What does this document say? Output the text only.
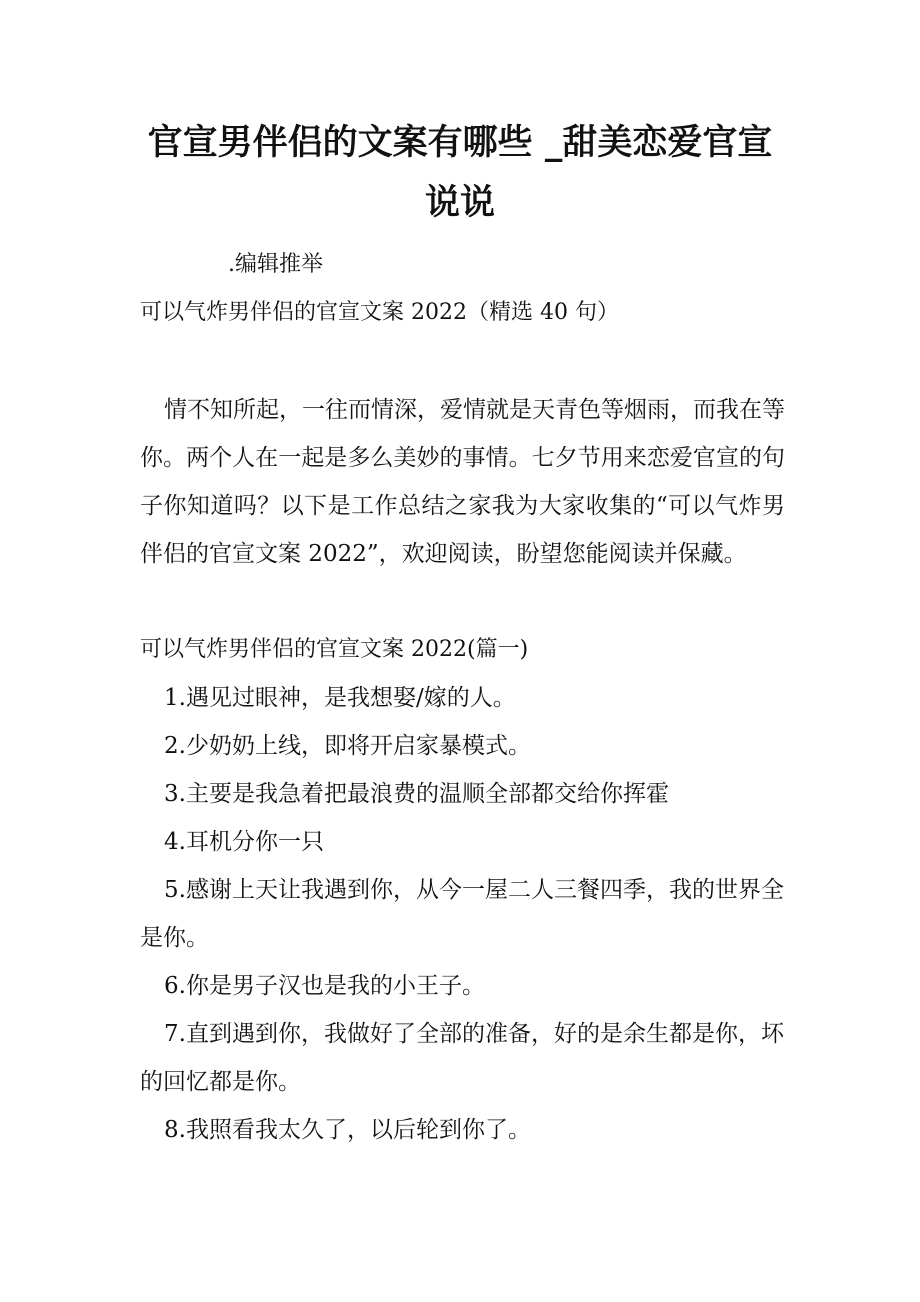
官宣男伴侣的文案有哪些 _甜美恋爱官宣
说说
.编辑推举
可以气炸男伴侣的官宣文案 2022（精选 40 句）
情不知所起，一往而情深，爱情就是天青色等烟雨，而我在等你。两个人在一起是多么美妙的事情。七夕节用来恋爱官宣的句子你知道吗？以下是工作总结之家我为大家收集的“可以气炸男伴侣的官宣文案 2022”，欢迎阅读，盼望您能阅读并保藏。
可以气炸男伴侣的官宣文案 2022(篇一)
1.遇见过眼神，是我想娶/嫁的人。
2.少奶奶上线，即将开启家暴模式。
3.主要是我急着把最浪费的温顺全部都交给你挥霍
4.耳机分你一只
5.感谢上天让我遇到你，从今一屋二人三餐四季，我的世界全是你。
6.你是男子汉也是我的小王子。
7.直到遇到你，我做好了全部的准备，好的是余生都是你，坏的回忆都是你。
8.我照看我太久了，以后轮到你了。
